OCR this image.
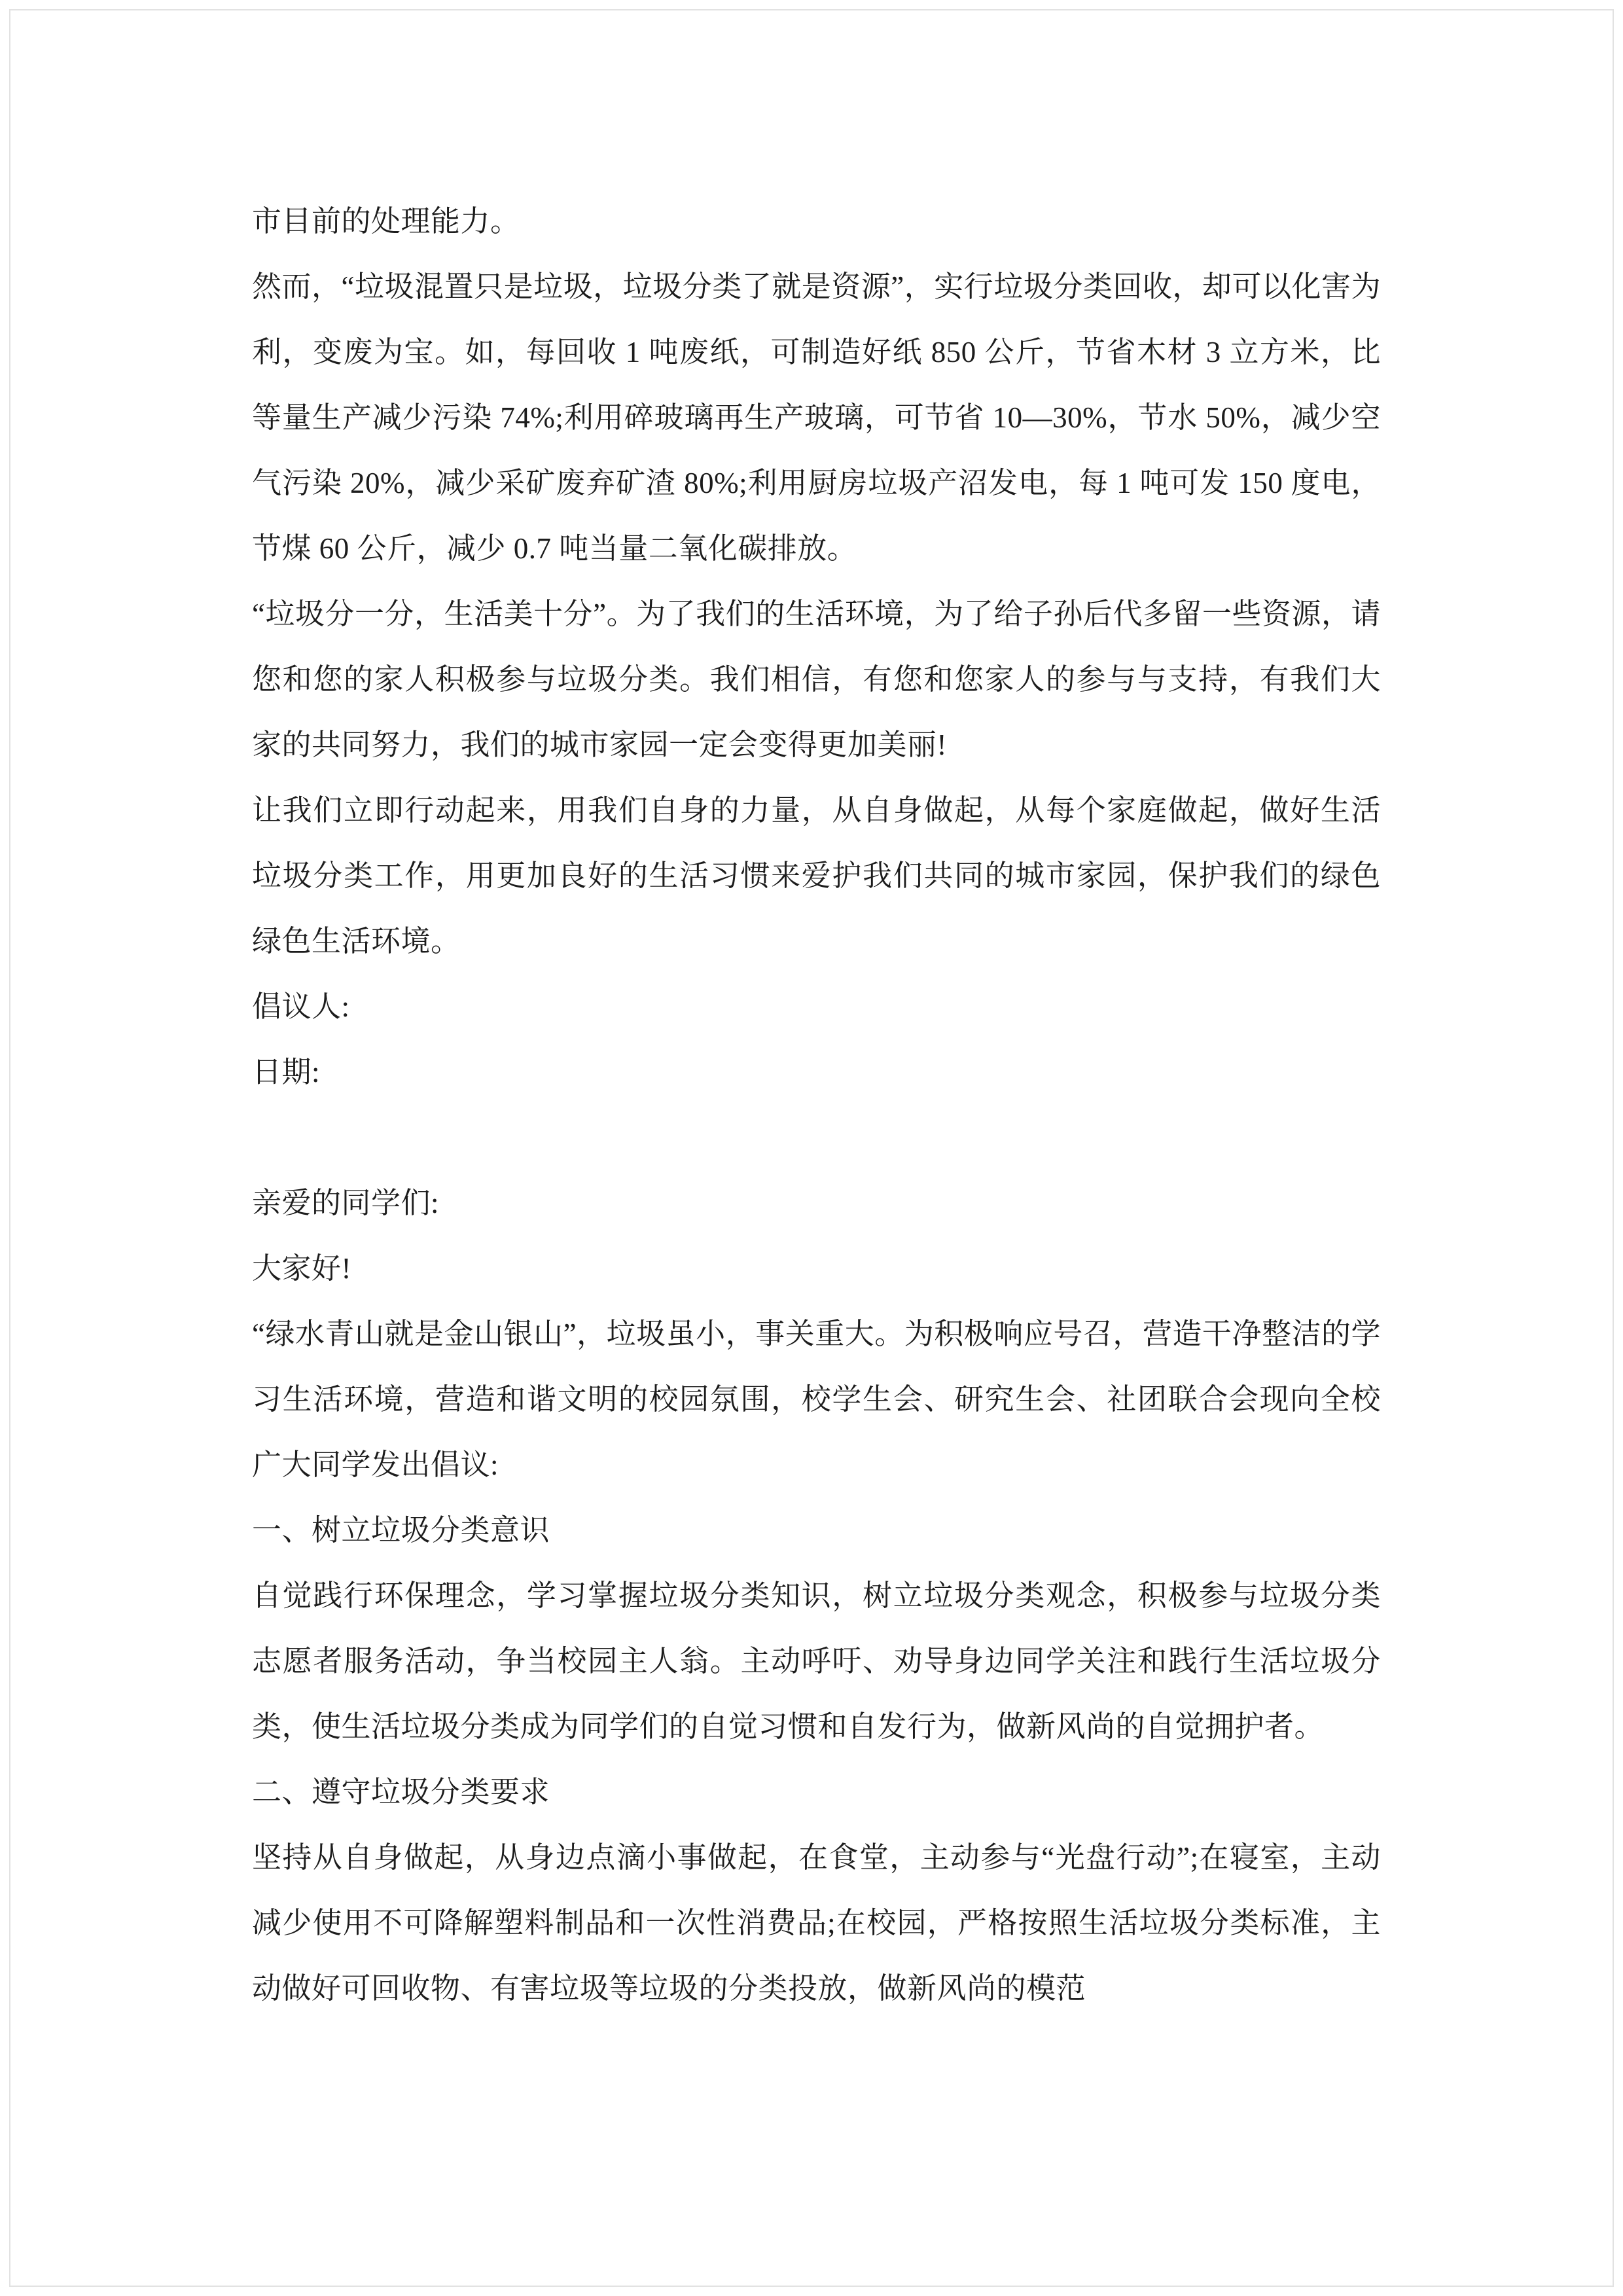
市目前的处理能力。

然而，“垃圾混置只是垃圾，垃圾分类了就是资源”，实行垃圾分类回收，却可以化害为利，变废为宝。如，每回收 1 吨废纸，可制造好纸 850 公斤，节省木材 3 立方米，比等量生产减少污染 74%;利用碎玻璃再生产玻璃，可节省 10—30%，节水 50%，减少空气污染 20%，减少采矿废弃矿渣 80%;利用厨房垃圾产沼发电，每 1 吨可发 150 度电，节煤 60 公斤，减少 0.7 吨当量二氧化碳排放。

“垃圾分一分，生活美十分”。为了我们的生活环境，为了给子孙后代多留一些资源，请您和您的家人积极参与垃圾分类。我们相信，有您和您家人的参与与支持，有我们大家的共同努力，我们的城市家园一定会变得更加美丽!

让我们立即行动起来，用我们自身的力量，从自身做起，从每个家庭做起，做好生活垃圾分类工作，用更加良好的生活习惯来爱护我们共同的城市家园，保护我们的绿色绿色生活环境。

倡议人:

日期:

亲爱的同学们:

大家好!

“绿水青山就是金山银山”，垃圾虽小，事关重大。为积极响应号召，营造干净整洁的学习生活环境，营造和谐文明的校园氛围，校学生会、研究生会、社团联合会现向全校广大同学发出倡议:

一、树立垃圾分类意识

自觉践行环保理念，学习掌握垃圾分类知识，树立垃圾分类观念，积极参与垃圾分类志愿者服务活动，争当校园主人翁。主动呼吁、劝导身边同学关注和践行生活垃圾分类，使生活垃圾分类成为同学们的自觉习惯和自发行为，做新风尚的自觉拥护者。

二、遵守垃圾分类要求

坚持从自身做起，从身边点滴小事做起，在食堂，主动参与“光盘行动”;在寝室，主动减少使用不可降解塑料制品和一次性消费品;在校园，严格按照生活垃圾分类标准，主动做好可回收物、有害垃圾等垃圾的分类投放，做新风尚的模范
